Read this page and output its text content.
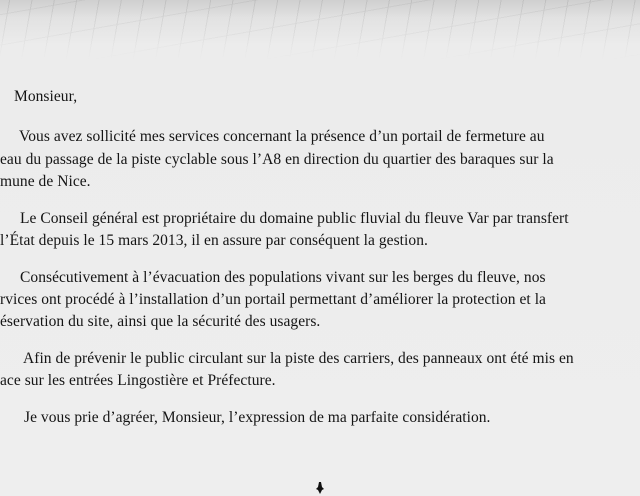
Monsieur,
Vous avez sollicité mes services concernant la présence d’un portail de fermeture au
eau du passage de la piste cyclable sous l’A8 en direction du quartier des baraques sur la
mune de Nice.
Le Conseil général est propriétaire du domaine public fluvial du fleuve Var par transfert
l’État depuis le 15 mars 2013, il en assure par conséquent la gestion.
Consécutivement à l’évacuation des populations vivant sur les berges du fleuve, nos
rvices ont procédé à l’installation d’un portail permettant d’améliorer la protection et la
éservation du site, ainsi que la sécurité des usagers.
Afin de prévenir le public circulant sur la piste des carriers, des panneaux ont été mis en
ace sur les entrées Lingostière et Préfecture.
Je vous prie d’agréer, Monsieur, l’expression de ma parfaite considération.
